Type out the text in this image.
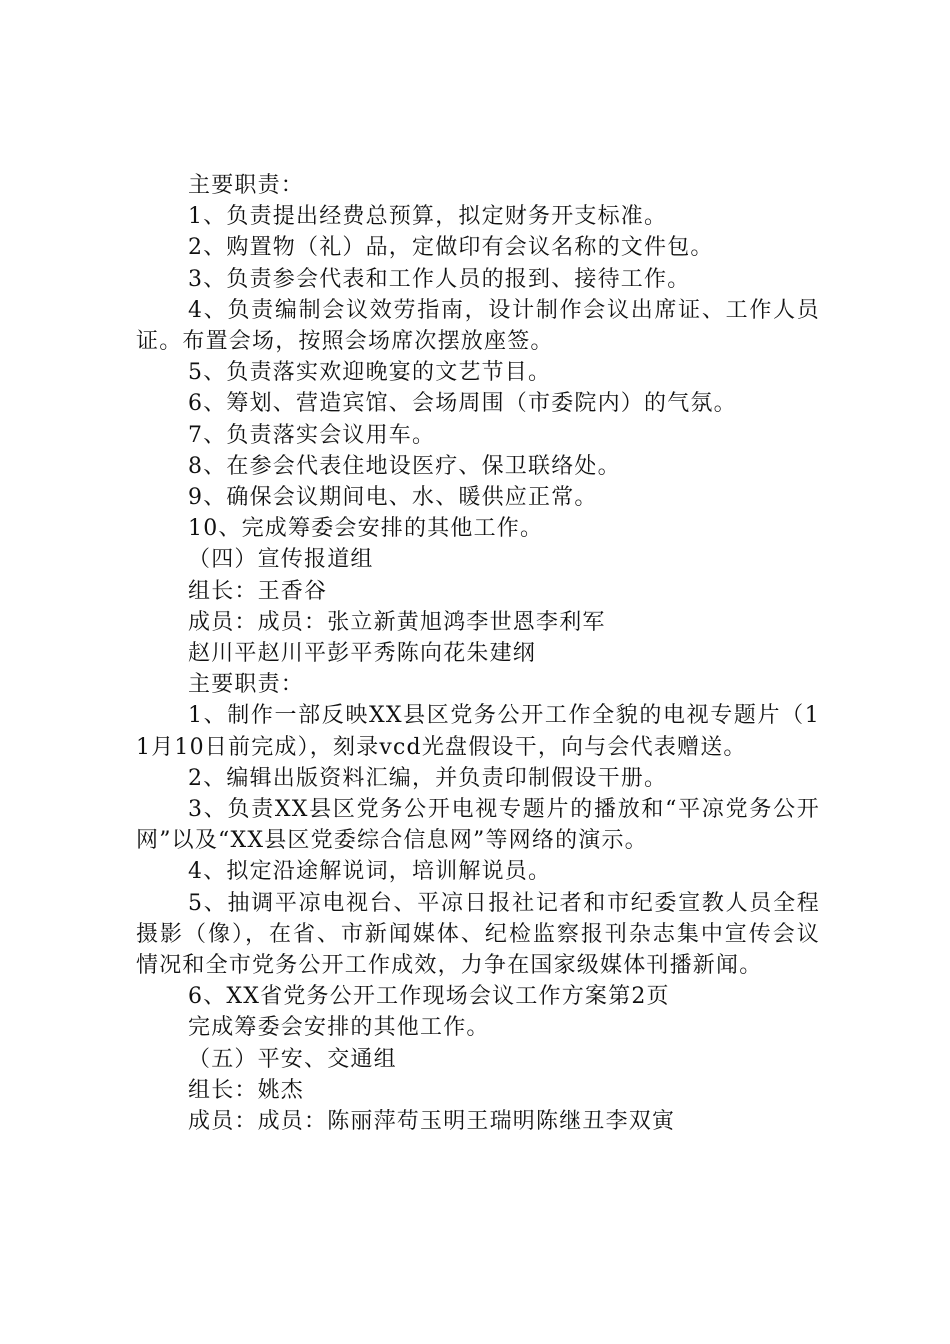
主要职责：

1、负责提出经费总预算，拟定财务开支标准。

2、购置物（礼）品，定做印有会议名称的文件包。

3、负责参会代表和工作人员的报到、接待工作。

4、负责编制会议效劳指南，设计制作会议出席证、工作人员证。布置会场，按照会场席次摆放座签。

5、负责落实欢迎晚宴的文艺节目。

6、筹划、营造宾馆、会场周围（市委院内）的气氛。

7、负责落实会议用车。

8、在参会代表住地设医疗、保卫联络处。

9、确保会议期间电、水、暖供应正常。

10、完成筹委会安排的其他工作。

（四）宣传报道组

组长：王香谷

成员：成员：张立新黄旭鸿李世恩李利军

赵川平赵川平彭平秀陈向花朱建纲

主要职责：

1、制作一部反映XX县区党务公开工作全貌的电视专题片（11月10日前完成），刻录vcd光盘假设干，向与会代表赠送。

2、编辑出版资料汇编，并负责印制假设干册。

3、负责XX县区党务公开电视专题片的播放和“平凉党务公开网”以及“XX县区党委综合信息网”等网络的演示。

4、拟定沿途解说词，培训解说员。

5、抽调平凉电视台、平凉日报社记者和市纪委宣教人员全程摄影（像），在省、市新闻媒体、纪检监察报刊杂志集中宣传会议情况和全市党务公开工作成效，力争在国家级媒体刊播新闻。

6、XX省党务公开工作现场会议工作方案第2页

完成筹委会安排的其他工作。

（五）平安、交通组

组长：姚杰

成员：成员：陈丽萍苟玉明王瑞明陈继丑李双寅
